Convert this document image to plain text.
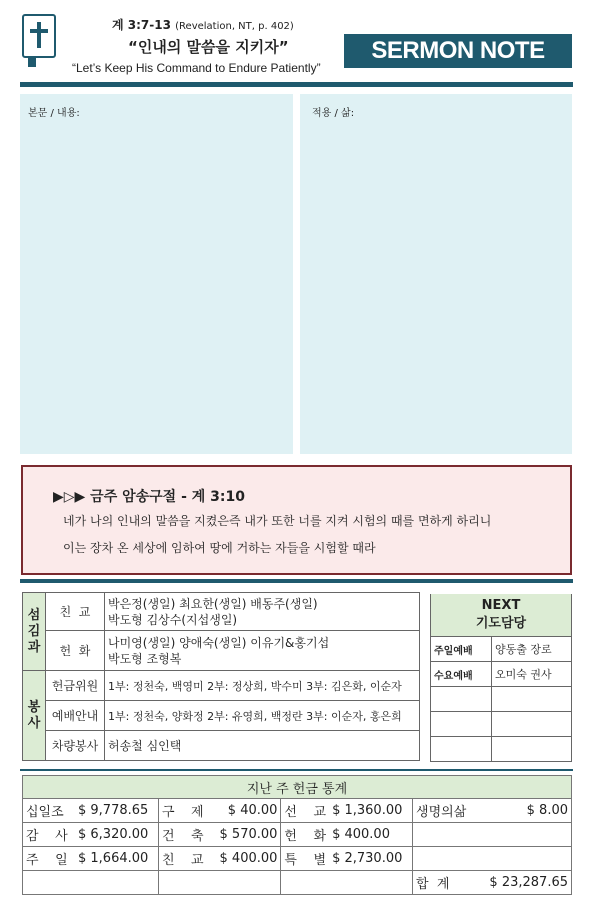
계 3:7-13 (Revelation, NT, p. 402)
“인내의 말씀을 지키자”
“Let’s Keep His Command to Endure Patiently”
SERMON NOTE
본문 / 내용:	적용 / 삶:
▶▷▶ 금주 암송구절 - 계 3:10
네가 나의 인내의 말씀을 지켰은즉 내가 또한 너를 지켜 시험의 때를 면하게 하리니
이는 장차 온 세상에 임하여 땅에 거하는 자들을 시험할 때라
섬
김
과	친  교	박은정(생일) 최요한(생일) 배동주(생일)
박도형 김상수(지섭생일)
	헌  화	나미영(생일) 양애숙(생일) 이유기&홍기섭
박도형 조형복
봉
사	헌금위원	1부: 정천숙, 백영미 2부: 정상희, 박수미 3부: 김은화, 이순자
	예배안내	1부: 정천숙, 양화정 2부: 유영희, 백정란 3부: 이순자, 홍은희
	차량봉사	허송철 심인택
NEXT
기도담당	
주일예배	양동출 장로
수요예배	오미숙 권사

지난 주 헌금 통계							
십일조	$ 9,778.65	구    제	$ 40.00	선    교	$ 1,360.00	생명의삶	$ 8.00
감    사	$ 6,320.00	건    축	$ 570.00	헌    화	$ 400.00		
주    일	$ 1,664.00	친    교	$ 400.00	특    별	$ 2,730.00		
						합  계	$ 23,287.65
